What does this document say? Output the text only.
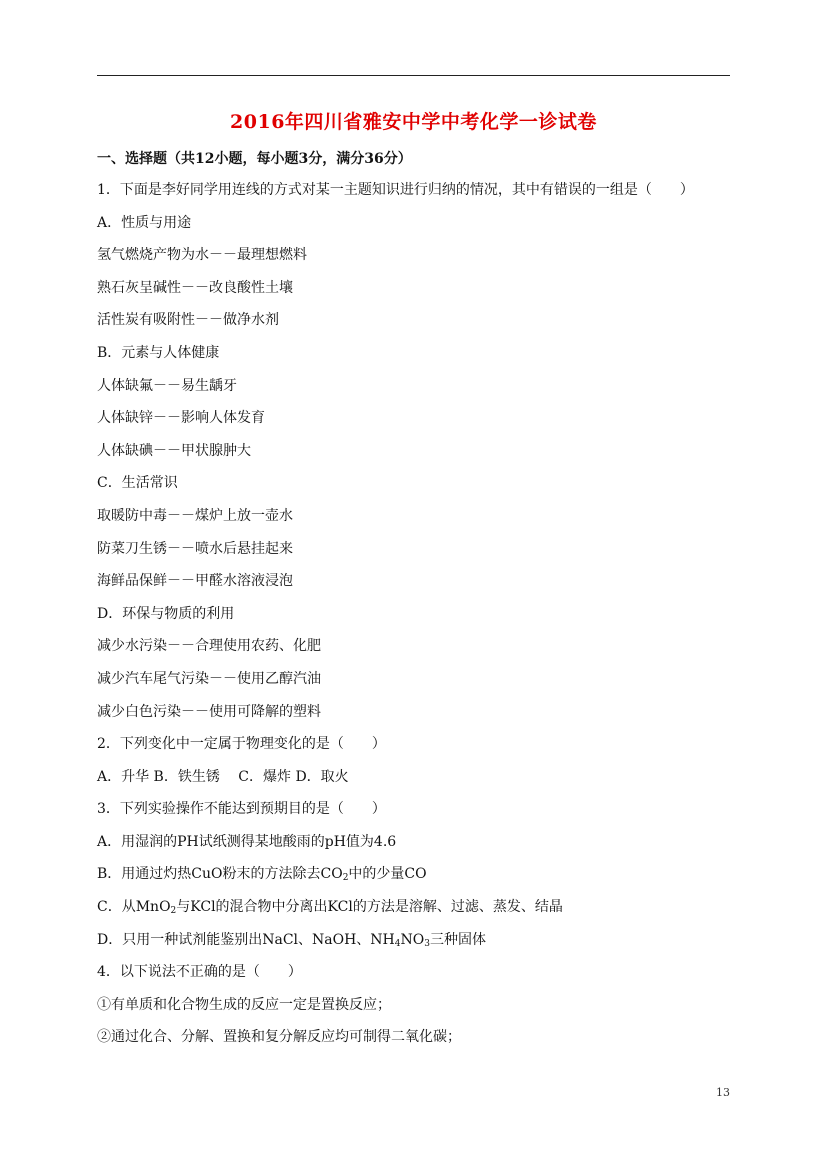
2016年四川省雅安中学中考化学一诊试卷
一、选择题（共12小题，每小题3分，满分36分）
1．下面是李好同学用连线的方式对某一主题知识进行归纳的情况，其中有错误的一组是（　　）
A．性质与用途
氢气燃烧产物为水－－最理想燃料
熟石灰呈碱性－－改良酸性土壤
活性炭有吸附性－－做净水剂
B．元素与人体健康
人体缺氟－－易生龋牙
人体缺锌－－影响人体发育
人体缺碘－－甲状腺肿大
C．生活常识
取暖防中毒－－煤炉上放一壶水
防菜刀生锈－－喷水后悬挂起来
海鲜品保鲜－－甲醛水溶液浸泡
D．环保与物质的利用
减少水污染－－合理使用农药、化肥
减少汽车尾气污染－－使用乙醇汽油
减少白色污染－－使用可降解的塑料
2．下列变化中一定属于物理变化的是（　　）
A．升华 B．铁生锈　 C．爆炸 D．取火
3．下列实验操作不能达到预期目的是（　　）
A．用湿润的PH试纸测得某地酸雨的pH值为4.6
B．用通过灼热CuO粉末的方法除去$CO_2$中的少量CO
C．从MnO$_2$与KCl的混合物中分离出KCl的方法是溶解、过滤、蒸发、结晶
D．只用一种试剂能鉴别出NaCl、NaOH、$NH_4NO_3$三种固体
4．以下说法不正确的是（　　）
①有单质和化合物生成的反应一定是置换反应；
②通过化合、分解、置换和复分解反应均可制得二氧化碳；
13
